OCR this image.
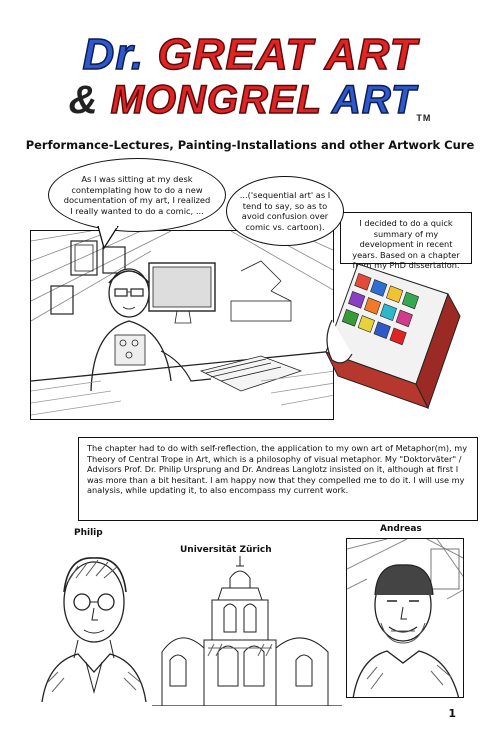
Dr. GREAT ART
& MONGREL ARTTM
Performance-Lectures, Painting-Installations and other Artwork Cure
As I was sitting at my desk contemplating how to do a new documentation of my art, I realized I really wanted to do a comic, ...
...('sequential art' as I tend to say, so as to avoid confusion over comic vs. cartoon).	I decided to do a quick summary of my development in recent years. Based on a chapter from my PhD dissertation.
The chapter had to do with self-reflection, the application to my own art of Metaphor(m), my Theory of Central Trope in Art, which is a philosophy of visual metaphor. My "Doktorväter" / Advisors Prof. Dr. Philip Ursprung and Dr. Andreas Langlotz insisted on it, although at first I was more than a bit hesitant. I am happy now that they compelled me to do it. I will use my analysis, while updating it, to also encompass my current work.
Philip
Universität Zürich
Andreas
1
